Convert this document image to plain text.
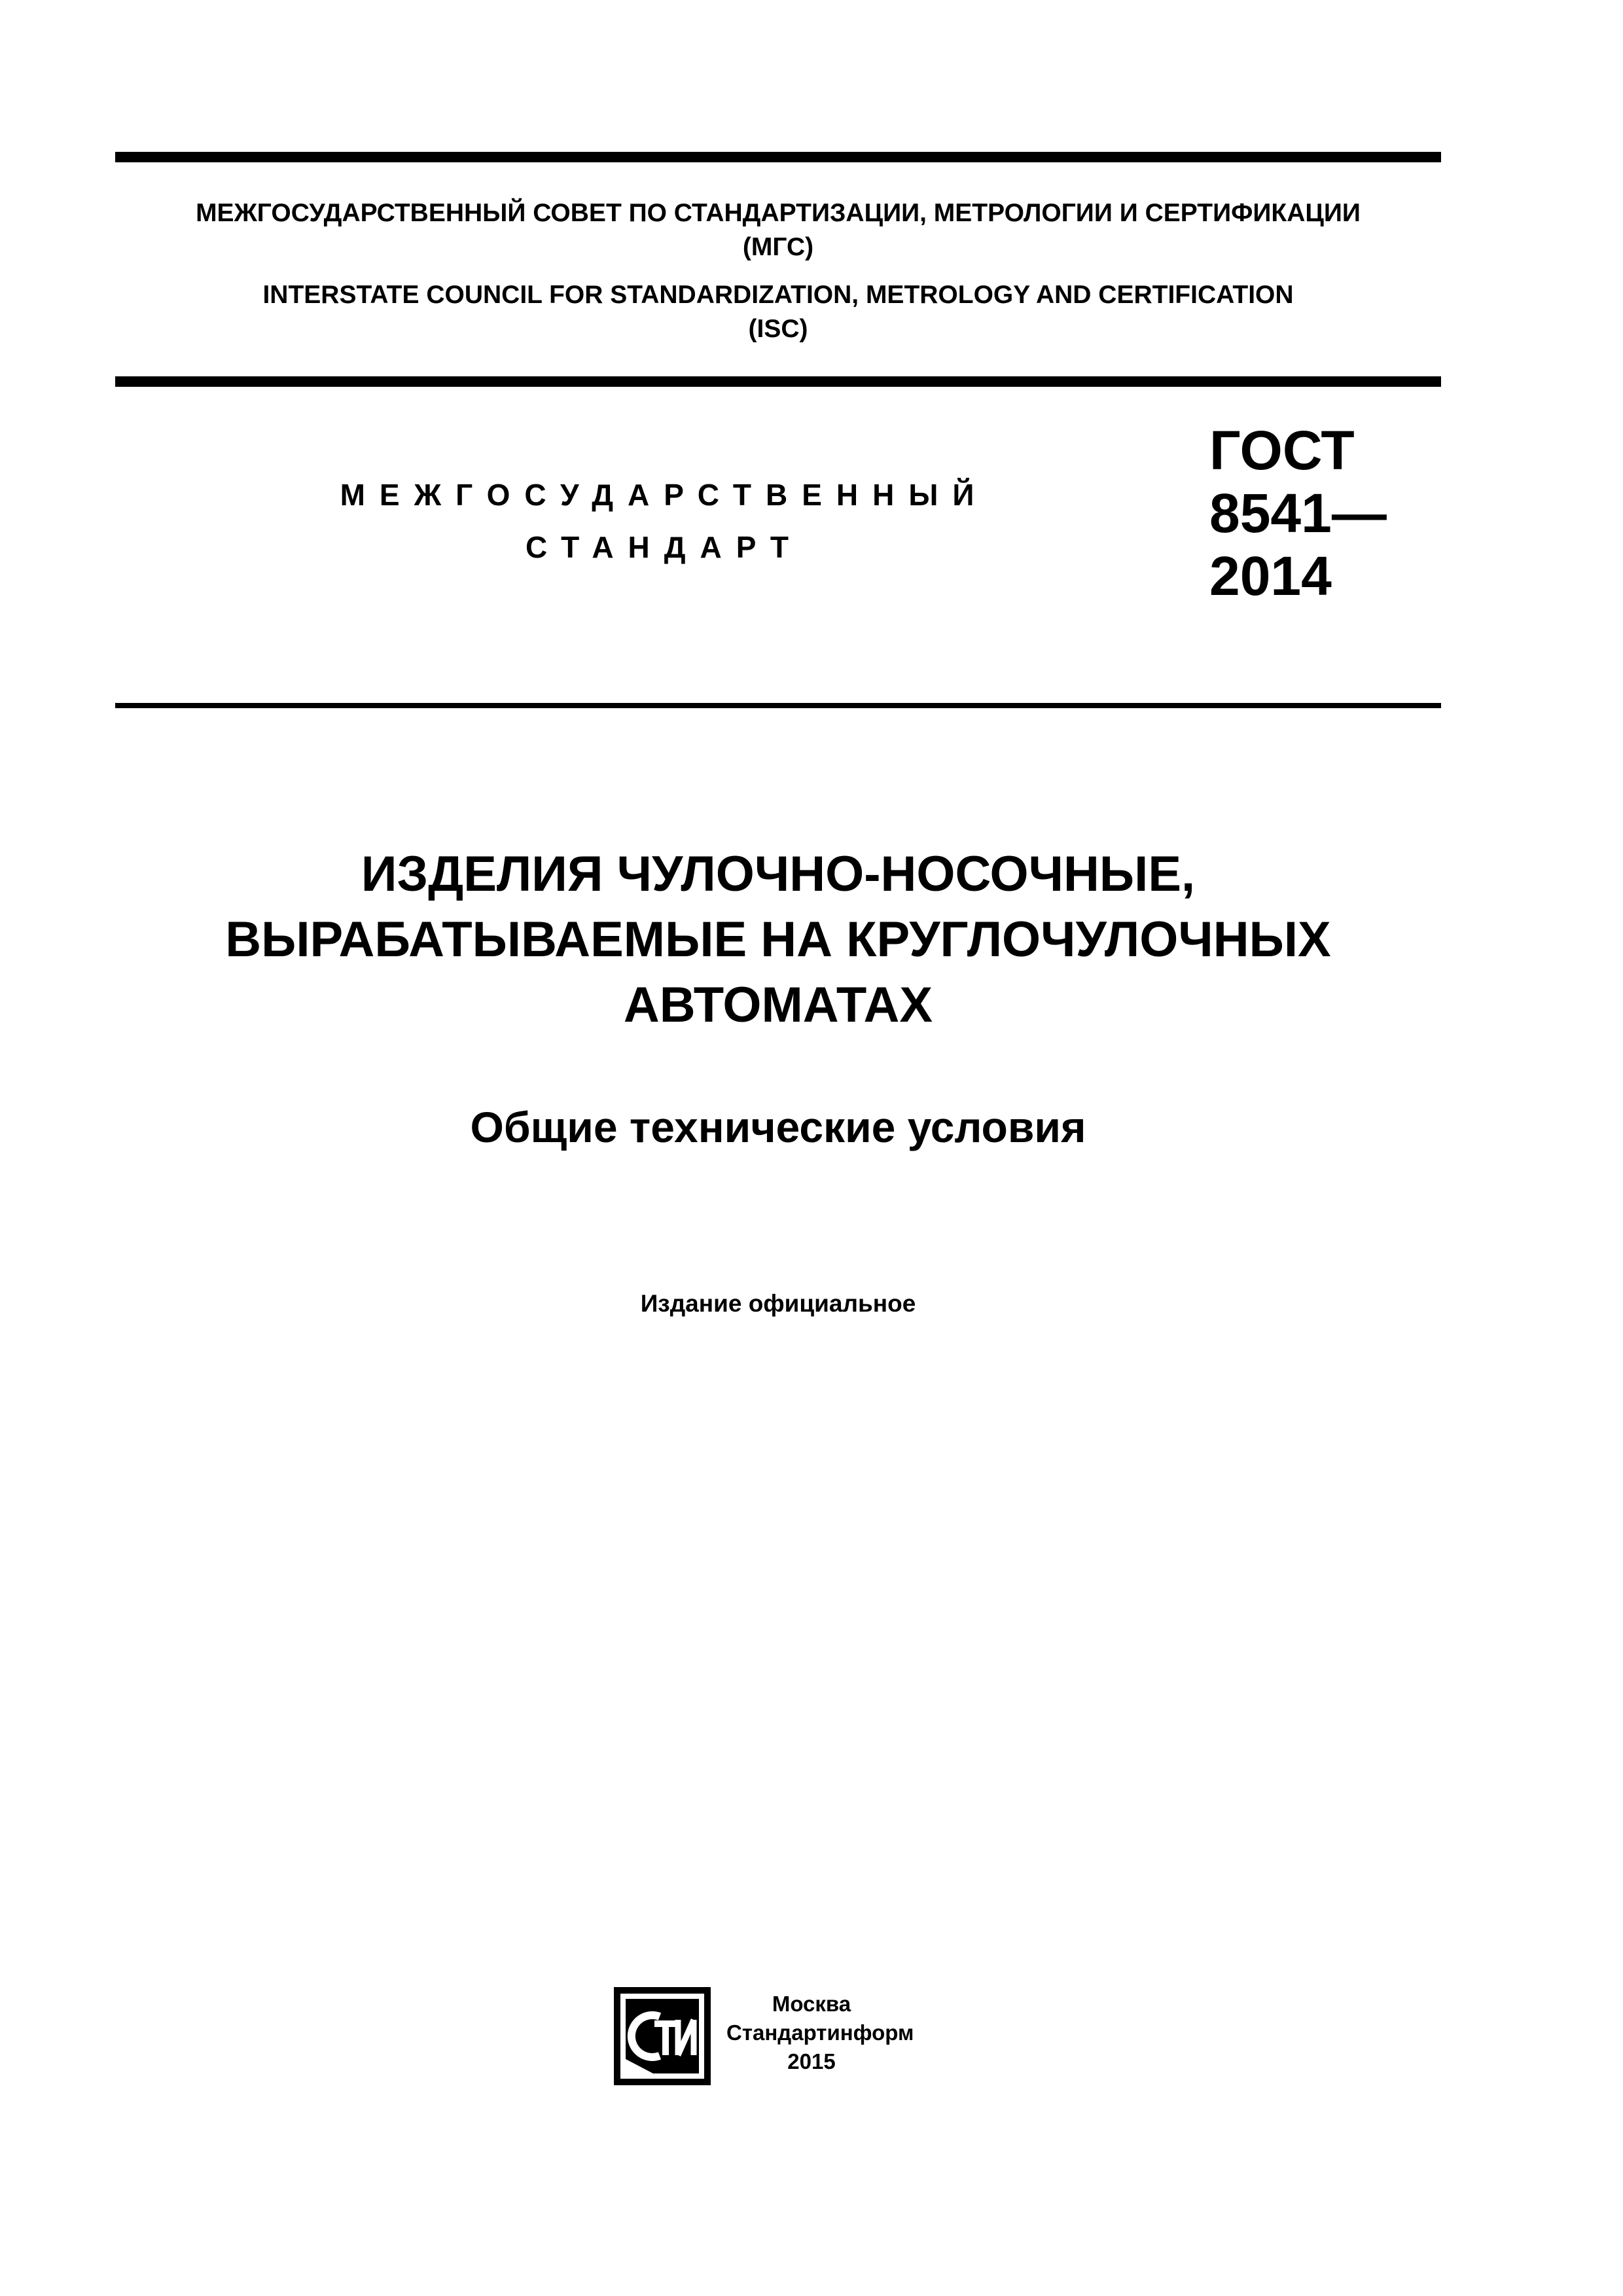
МЕЖГОСУДАРСТВЕННЫЙ СОВЕТ ПО СТАНДАРТИЗАЦИИ, МЕТРОЛОГИИ И СЕРТИФИКАЦИИ
(МГС)
INTERSTATE COUNCIL FOR STANDARDIZATION, METROLOGY AND CERTIFICATION
(ISC)
МЕЖГОСУДАРСТВЕННЫЙ
СТАНДАРТ
ГОСТ
8541—
2014
ИЗДЕЛИЯ ЧУЛОЧНО-НОСОЧНЫЕ,
ВЫРАБАТЫВАЕМЫЕ НА КРУГЛОЧУЛОЧНЫХ
АВТОМАТАХ
Общие технические условия
Издание официальное
Москва
Стандартинформ
2015
